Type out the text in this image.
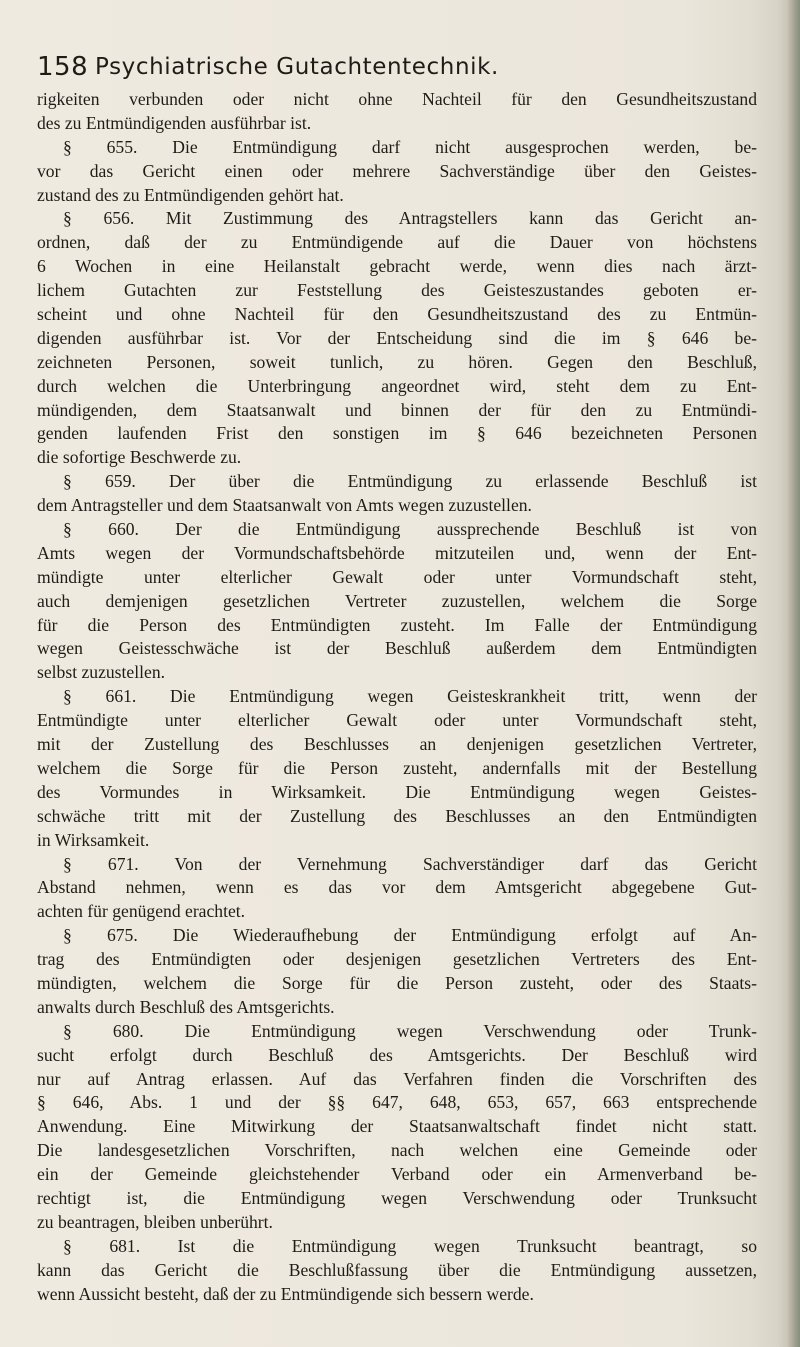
158 Psychiatrische Gutachtentechnik.
rigkeiten verbunden oder nicht ohne Nachteil für den Gesundheitszustand
des zu Entmündigenden ausführbar ist.
§ 655. Die Entmündigung darf nicht ausgesprochen werden, be-
vor das Gericht einen oder mehrere Sachverständige über den Geistes-
zustand des zu Entmündigenden gehört hat.
§ 656. Mit Zustimmung des Antragstellers kann das Gericht an-
ordnen, daß der zu Entmündigende auf die Dauer von höchstens
6 Wochen in eine Heilanstalt gebracht werde, wenn dies nach ärzt-
lichem Gutachten zur Feststellung des Geisteszustandes geboten er-
scheint und ohne Nachteil für den Gesundheitszustand des zu Entmün-
digenden ausführbar ist. Vor der Entscheidung sind die im § 646 be-
zeichneten Personen, soweit tunlich, zu hören. Gegen den Beschluß,
durch welchen die Unterbringung angeordnet wird, steht dem zu Ent-
mündigenden, dem Staatsanwalt und binnen der für den zu Entmündi-
genden laufenden Frist den sonstigen im § 646 bezeichneten Personen
die sofortige Beschwerde zu.
§ 659. Der über die Entmündigung zu erlassende Beschluß ist
dem Antragsteller und dem Staatsanwalt von Amts wegen zuzustellen.
§ 660. Der die Entmündigung aussprechende Beschluß ist von
Amts wegen der Vormundschaftsbehörde mitzuteilen und, wenn der Ent-
mündigte unter elterlicher Gewalt oder unter Vormundschaft steht,
auch demjenigen gesetzlichen Vertreter zuzustellen, welchem die Sorge
für die Person des Entmündigten zusteht. Im Falle der Entmündigung
wegen Geistesschwäche ist der Beschluß außerdem dem Entmündigten
selbst zuzustellen.
§ 661. Die Entmündigung wegen Geisteskrankheit tritt, wenn der
Entmündigte unter elterlicher Gewalt oder unter Vormundschaft steht,
mit der Zustellung des Beschlusses an denjenigen gesetzlichen Vertreter,
welchem die Sorge für die Person zusteht, andernfalls mit der Bestellung
des Vormundes in Wirksamkeit. Die Entmündigung wegen Geistes-
schwäche tritt mit der Zustellung des Beschlusses an den Entmündigten
in Wirksamkeit.
§ 671. Von der Vernehmung Sachverständiger darf das Gericht
Abstand nehmen, wenn es das vor dem Amtsgericht abgegebene Gut-
achten für genügend erachtet.
§ 675. Die Wiederaufhebung der Entmündigung erfolgt auf An-
trag des Entmündigten oder desjenigen gesetzlichen Vertreters des Ent-
mündigten, welchem die Sorge für die Person zusteht, oder des Staats-
anwalts durch Beschluß des Amtsgerichts.
§ 680. Die Entmündigung wegen Verschwendung oder Trunk-
sucht erfolgt durch Beschluß des Amtsgerichts. Der Beschluß wird
nur auf Antrag erlassen. Auf das Verfahren finden die Vorschriften des
§ 646, Abs. 1 und der §§ 647, 648, 653, 657, 663 entsprechende
Anwendung. Eine Mitwirkung der Staatsanwaltschaft findet nicht statt.
Die landesgesetzlichen Vorschriften, nach welchen eine Gemeinde oder
ein der Gemeinde gleichstehender Verband oder ein Armenverband be-
rechtigt ist, die Entmündigung wegen Verschwendung oder Trunksucht
zu beantragen, bleiben unberührt.
§ 681. Ist die Entmündigung wegen Trunksucht beantragt, so
kann das Gericht die Beschlußfassung über die Entmündigung aussetzen,
wenn Aussicht besteht, daß der zu Entmündigende sich bessern werde.
